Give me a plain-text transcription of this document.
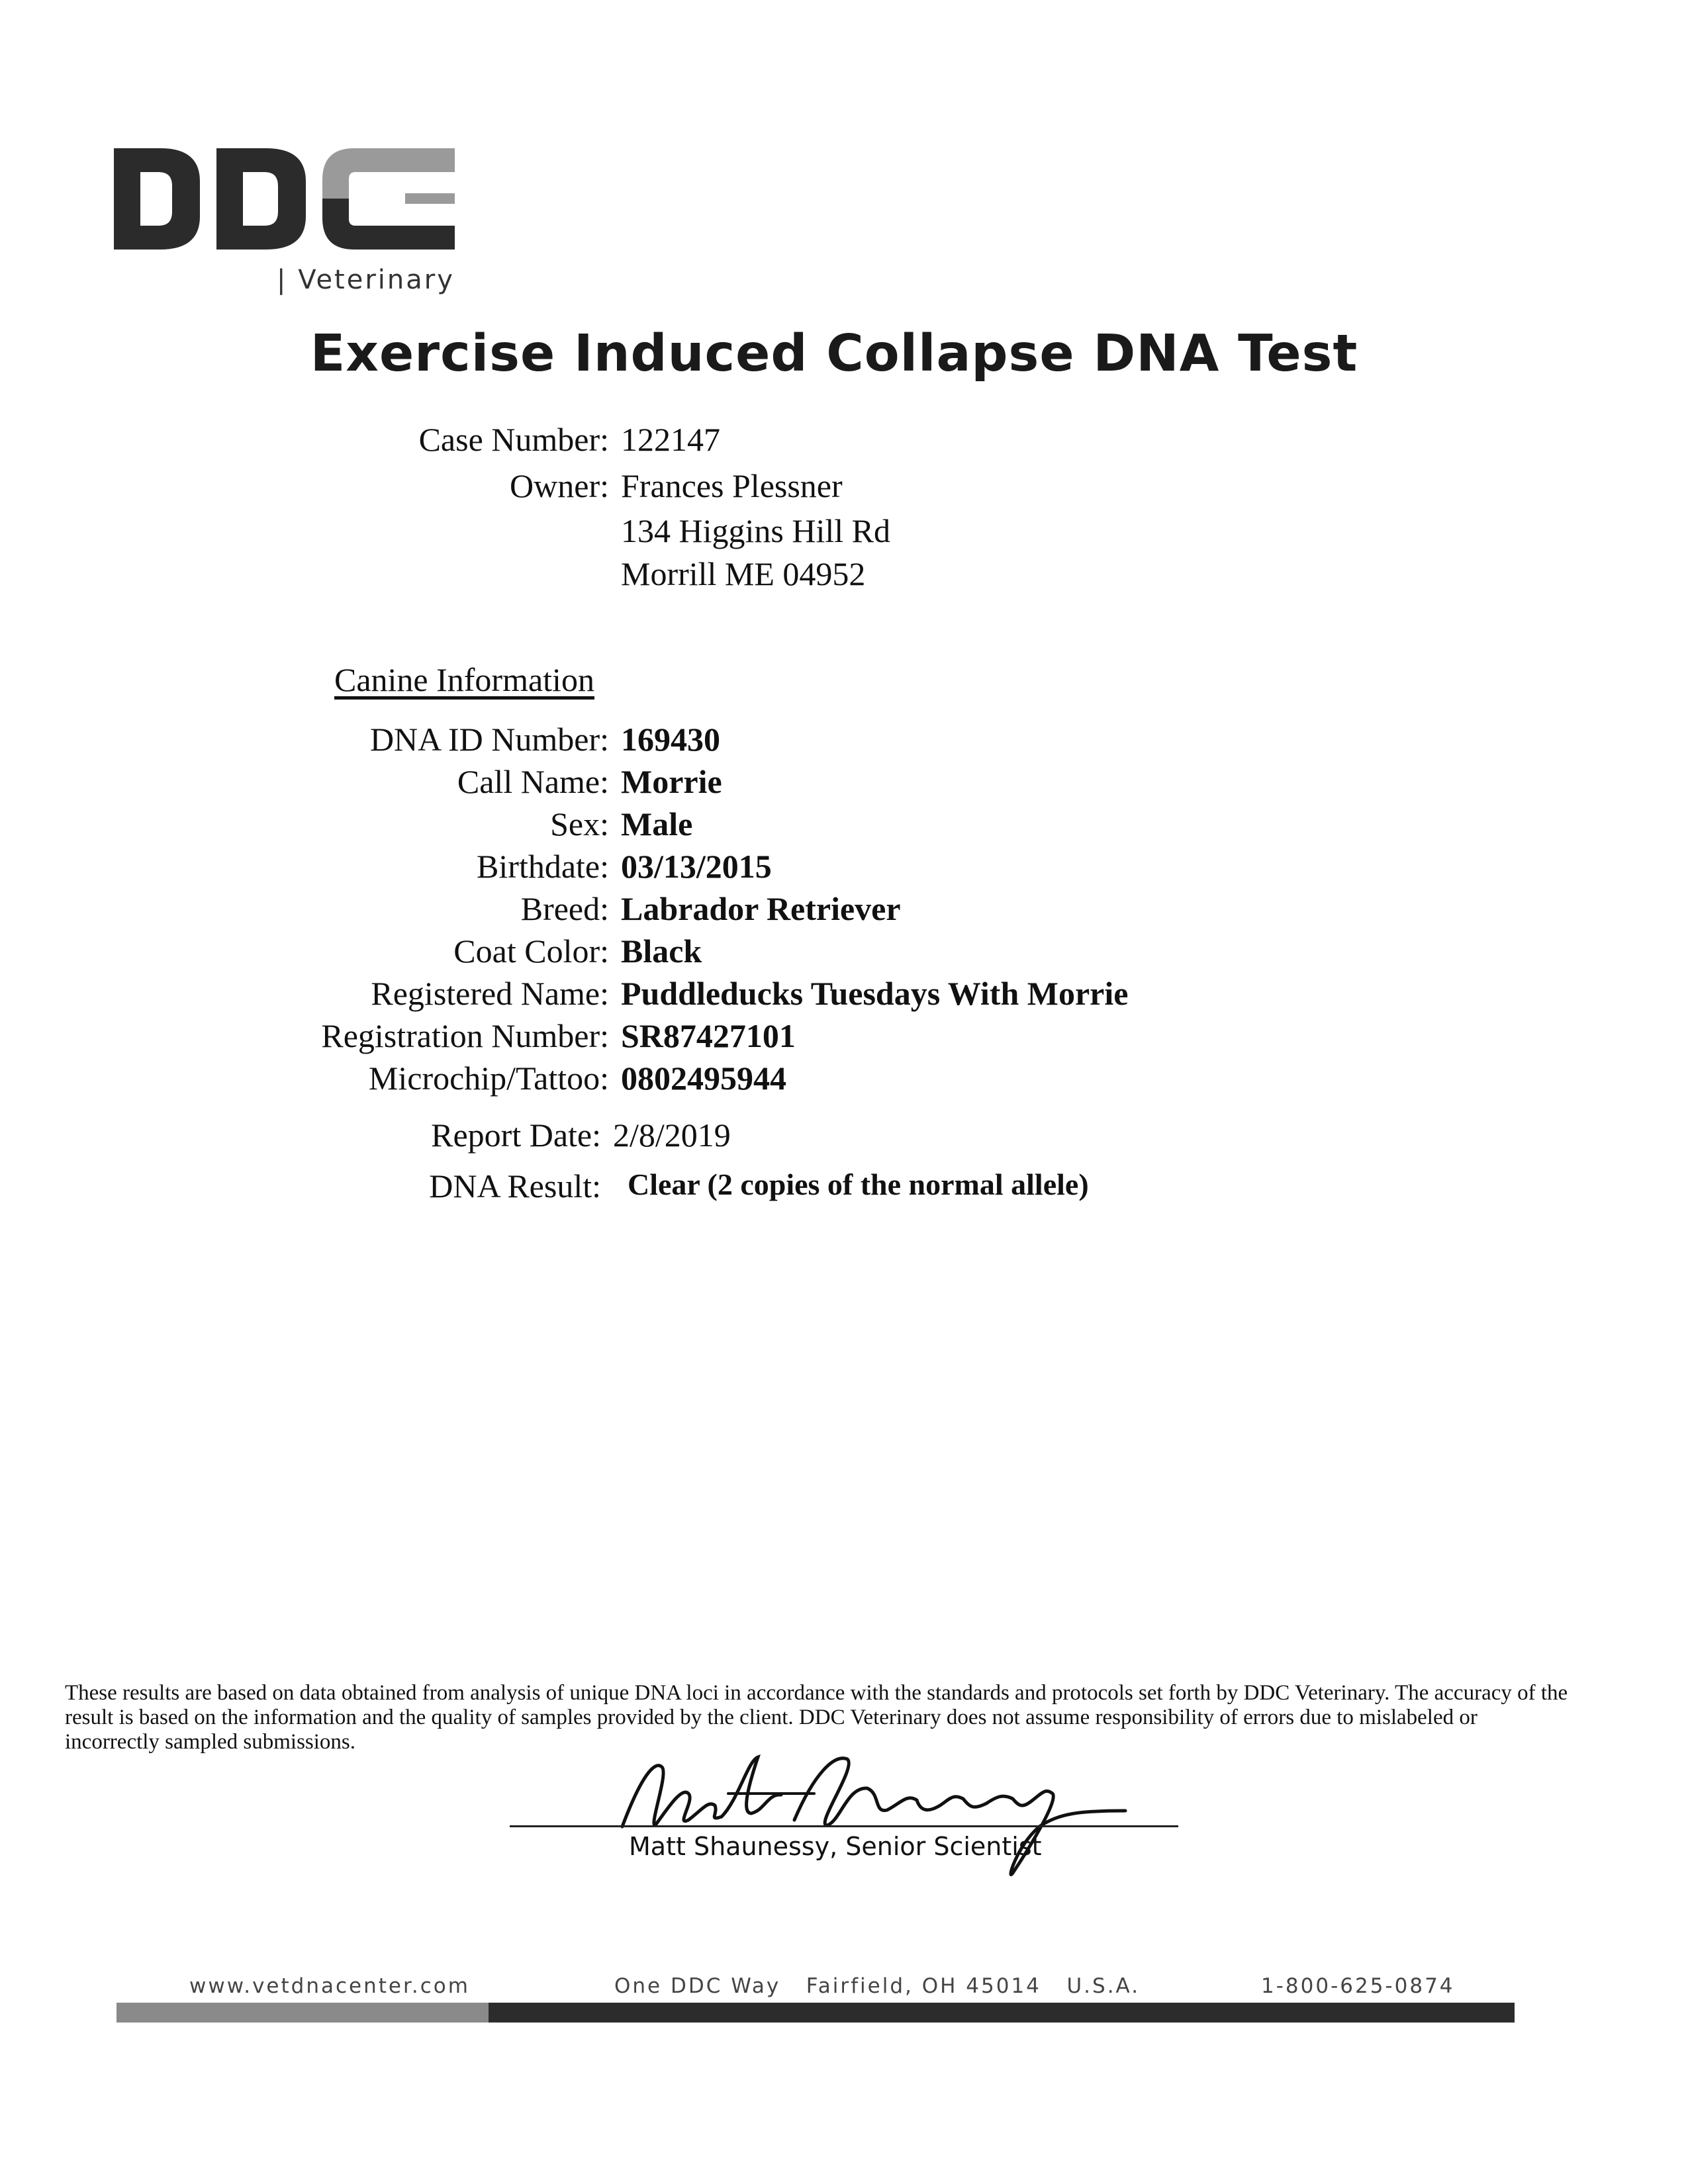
| Veterinary
Exercise Induced Collapse DNA Test
Case Number: 122147
Owner: Frances Plessner
134 Higgins Hill Rd
Morrill ME 04952
Canine Information
DNA ID Number: 169430
Call Name: Morrie
Sex: Male
Birthdate: 03/13/2015
Breed: Labrador Retriever
Coat Color: Black
Registered Name: Puddleducks Tuesdays With Morrie
Registration Number: SR87427101
Microchip/Tattoo: 0802495944
Report Date: 2/8/2019
DNA Result: Clear (2 copies of the normal allele)
These results are based on data obtained from analysis of unique DNA loci in accordance with the standards and protocols set forth by DDC Veterinary. The accuracy of the result is based on the information and the quality of samples provided by the client. DDC Veterinary does not assume responsibility of errors due to mislabeled or incorrectly sampled submissions.
Matt Shaunessy, Senior Scientist
www.vetdnacenter.com	One DDC Way   Fairfield, OH 45014   U.S.A.	1-800-625-0874
